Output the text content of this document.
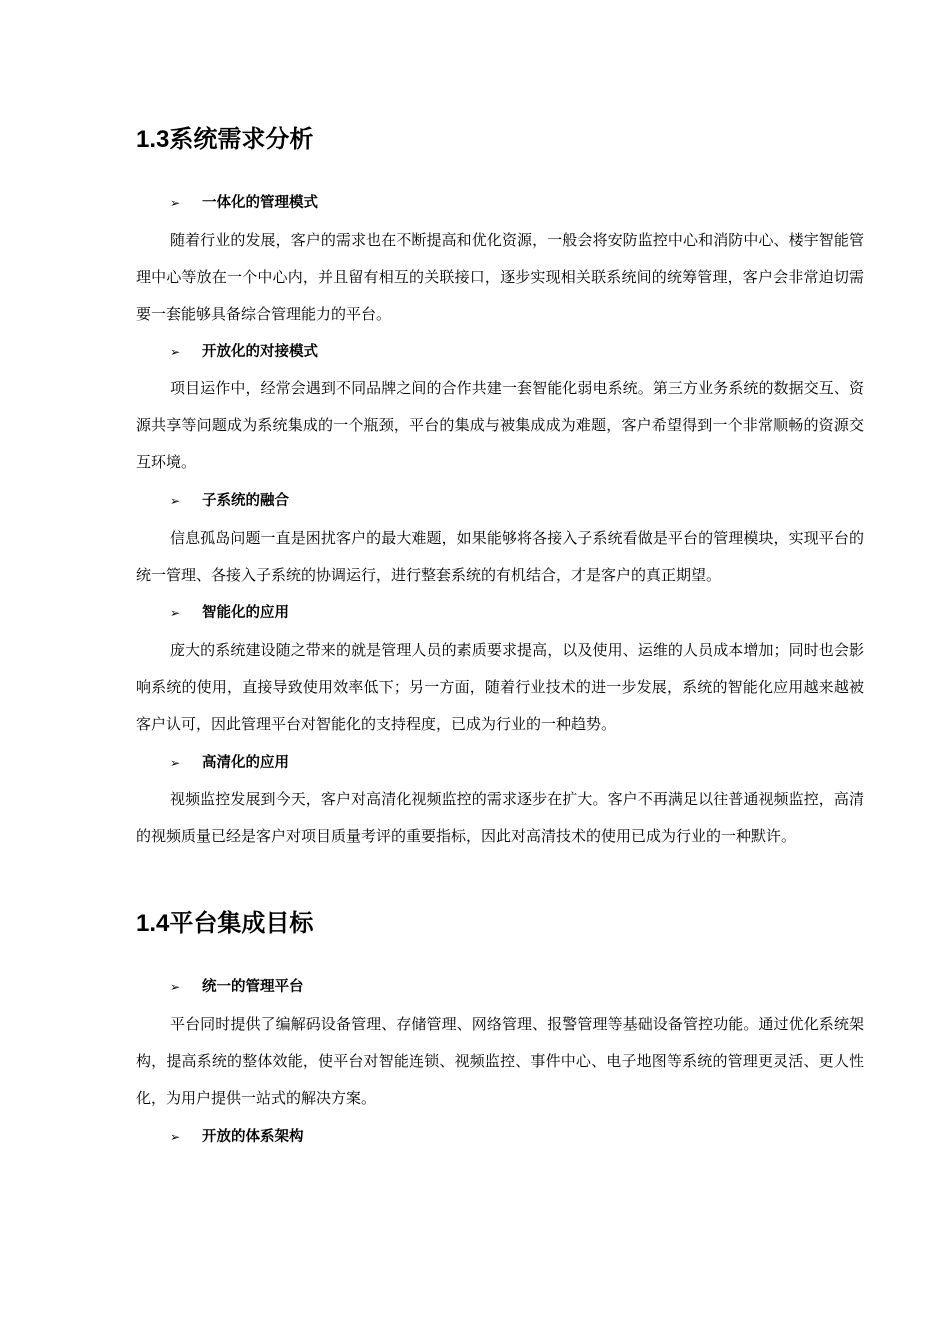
1.3系统需求分析
➢ 一体化的管理模式

随着行业的发展，客户的需求也在不断提高和优化资源，一般会将安防监控中心和消防中心、楼宇智能管理中心等放在一个中心内，并且留有相互的关联接口，逐步实现相关联系统间的统筹管理，客户会非常迫切需要一套能够具备综合管理能力的平台。

➢ 开放化的对接模式

项目运作中，经常会遇到不同品牌之间的合作共建一套智能化弱电系统。第三方业务系统的数据交互、资源共享等问题成为系统集成的一个瓶颈，平台的集成与被集成成为难题，客户希望得到一个非常顺畅的资源交互环境。

➢ 子系统的融合

信息孤岛问题一直是困扰客户的最大难题，如果能够将各接入子系统看做是平台的管理模块，实现平台的统一管理、各接入子系统的协调运行，进行整套系统的有机结合，才是客户的真正期望。

➢ 智能化的应用

庞大的系统建设随之带来的就是管理人员的素质要求提高，以及使用、运维的人员成本增加；同时也会影响系统的使用，直接导致使用效率低下；另一方面，随着行业技术的进一步发展，系统的智能化应用越来越被客户认可，因此管理平台对智能化的支持程度，已成为行业的一种趋势。

➢ 高清化的应用

视频监控发展到今天，客户对高清化视频监控的需求逐步在扩大。客户不再满足以往普通视频监控，高清的视频质量已经是客户对项目质量考评的重要指标，因此对高清技术的使用已成为行业的一种默许。

1.4平台集成目标
➢ 统一的管理平台

平台同时提供了编解码设备管理、存储管理、网络管理、报警管理等基础设备管控功能。通过优化系统架构，提高系统的整体效能，使平台对智能连锁、视频监控、事件中心、电子地图等系统的管理更灵活、更人性化，为用户提供一站式的解决方案。

➢ 开放的体系架构
